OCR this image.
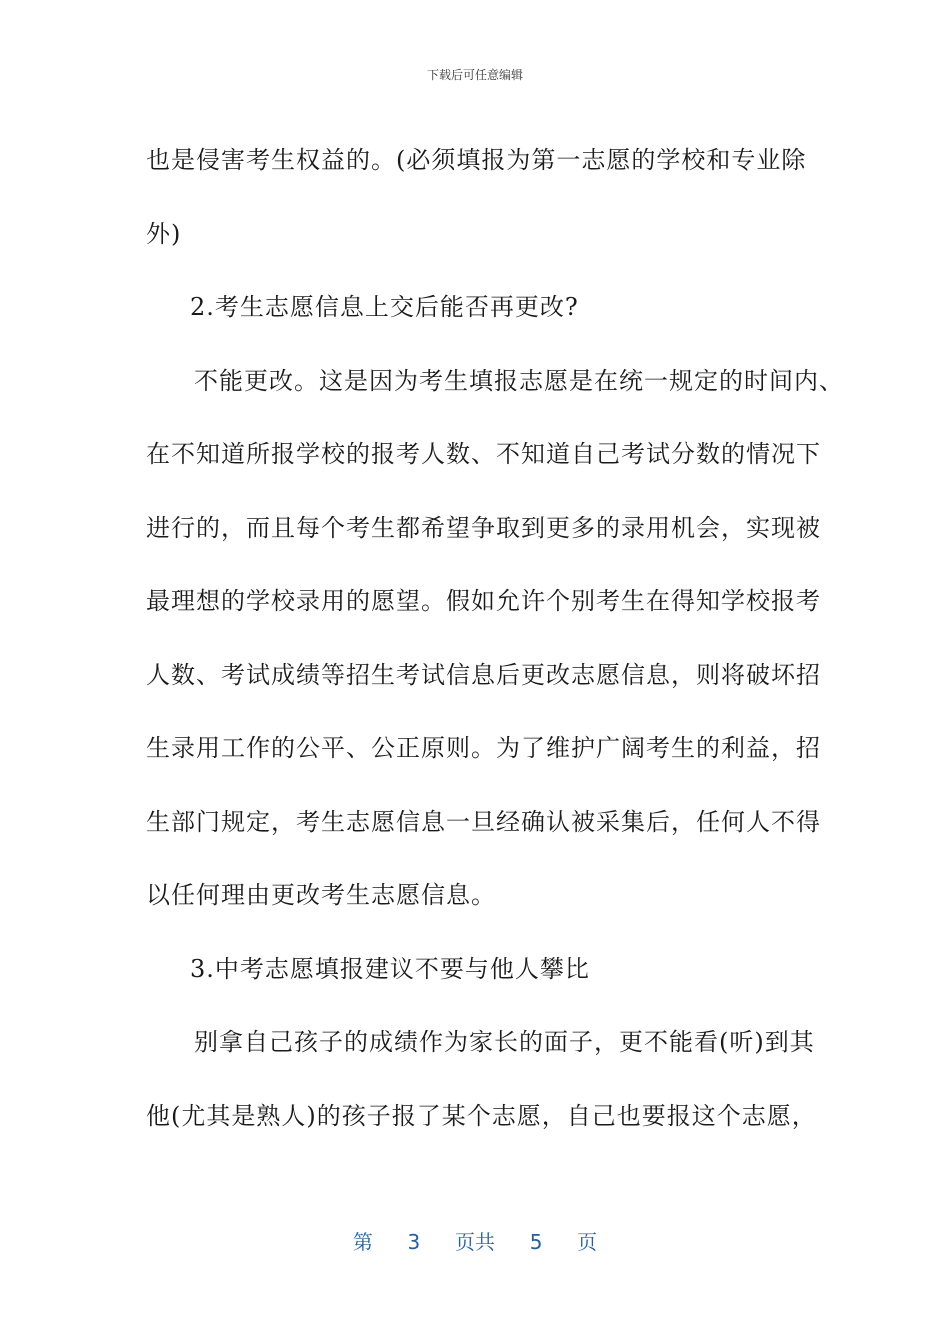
下载后可任意编辑
也是侵害考生权益的。(必须填报为第一志愿的学校和专业除
外)
2.考生志愿信息上交后能否再更改?
不能更改。这是因为考生填报志愿是在统一规定的时间内、
在不知道所报学校的报考人数、不知道自己考试分数的情况下
进行的，而且每个考生都希望争取到更多的录用机会，实现被
最理想的学校录用的愿望。假如允许个别考生在得知学校报考
人数、考试成绩等招生考试信息后更改志愿信息，则将破坏招
生录用工作的公平、公正原则。为了维护广阔考生的利益，招
生部门规定，考生志愿信息一旦经确认被采集后，任何人不得
以任何理由更改考生志愿信息。
3.中考志愿填报建议不要与他人攀比
别拿自己孩子的成绩作为家长的面子，更不能看(听)到其
他(尤其是熟人)的孩子报了某个志愿，自己也要报这个志愿，
第 3 页共 5 页
